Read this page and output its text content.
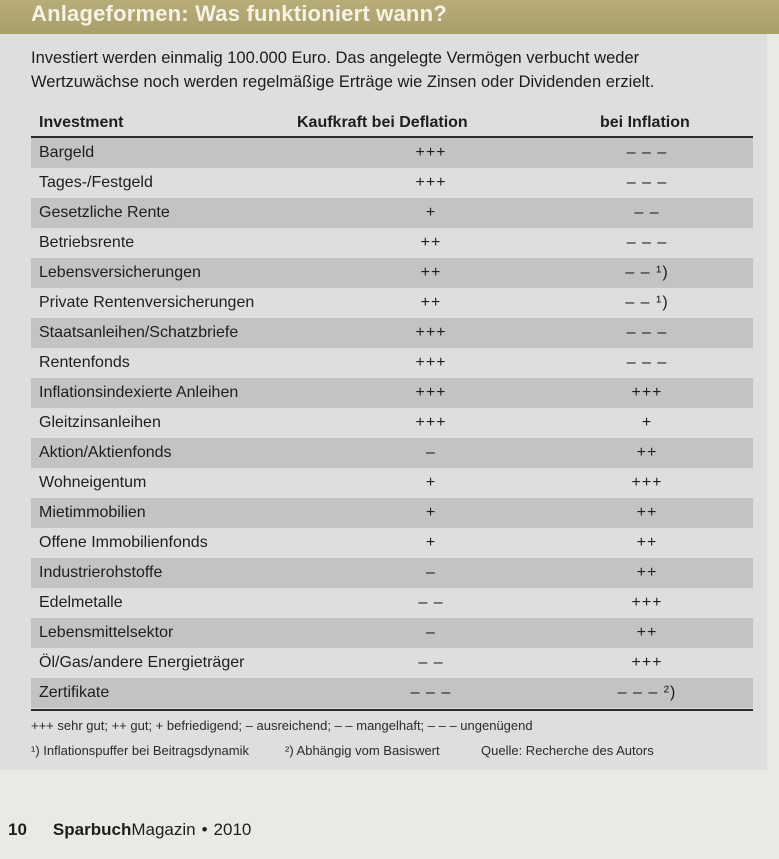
Anlageformen: Was funktioniert wann?
Investiert werden einmalig 100.000 Euro. Das angelegte Vermögen verbucht weder Wertzuwächse noch werden regelmäßige Erträge wie Zinsen oder Dividenden erzielt.
Investment	Kaufkraft bei Deflation	bei Inflation
Bargeld	+++	– – –
Tages-/Festgeld	+++	– – –
Gesetzliche Rente	+	– –
Betriebsrente	++	– – –
Lebensversicherungen	++	– – ¹)
Private Rentenversicherungen	++	– – ¹)
Staatsanleihen/Schatzbriefe	+++	– – –
Rentenfonds	+++	– – –
Inflationsindexierte Anleihen	+++	+++
Gleitzinsanleihen	+++	+
Aktion/Aktienfonds	–	++
Wohneigentum	+	+++
Mietimmobilien	+	++
Offene Immobilienfonds	+	++
Industrierohstoffe	–	++
Edelmetalle	– –	+++
Lebensmittelsektor	–	++
Öl/Gas/andere Energieträger	– –	+++
Zertifikate	– – –	– – – ²)
+++ sehr gut; ++ gut; + befriedigend; – ausreichend; – – mangelhaft; – – – ungenügend
¹) Inflationspuffer bei Beitragsdynamik	²) Abhängig vom Basiswert	Quelle: Recherche des Autors
10 SparbuchMagazin • 2010
